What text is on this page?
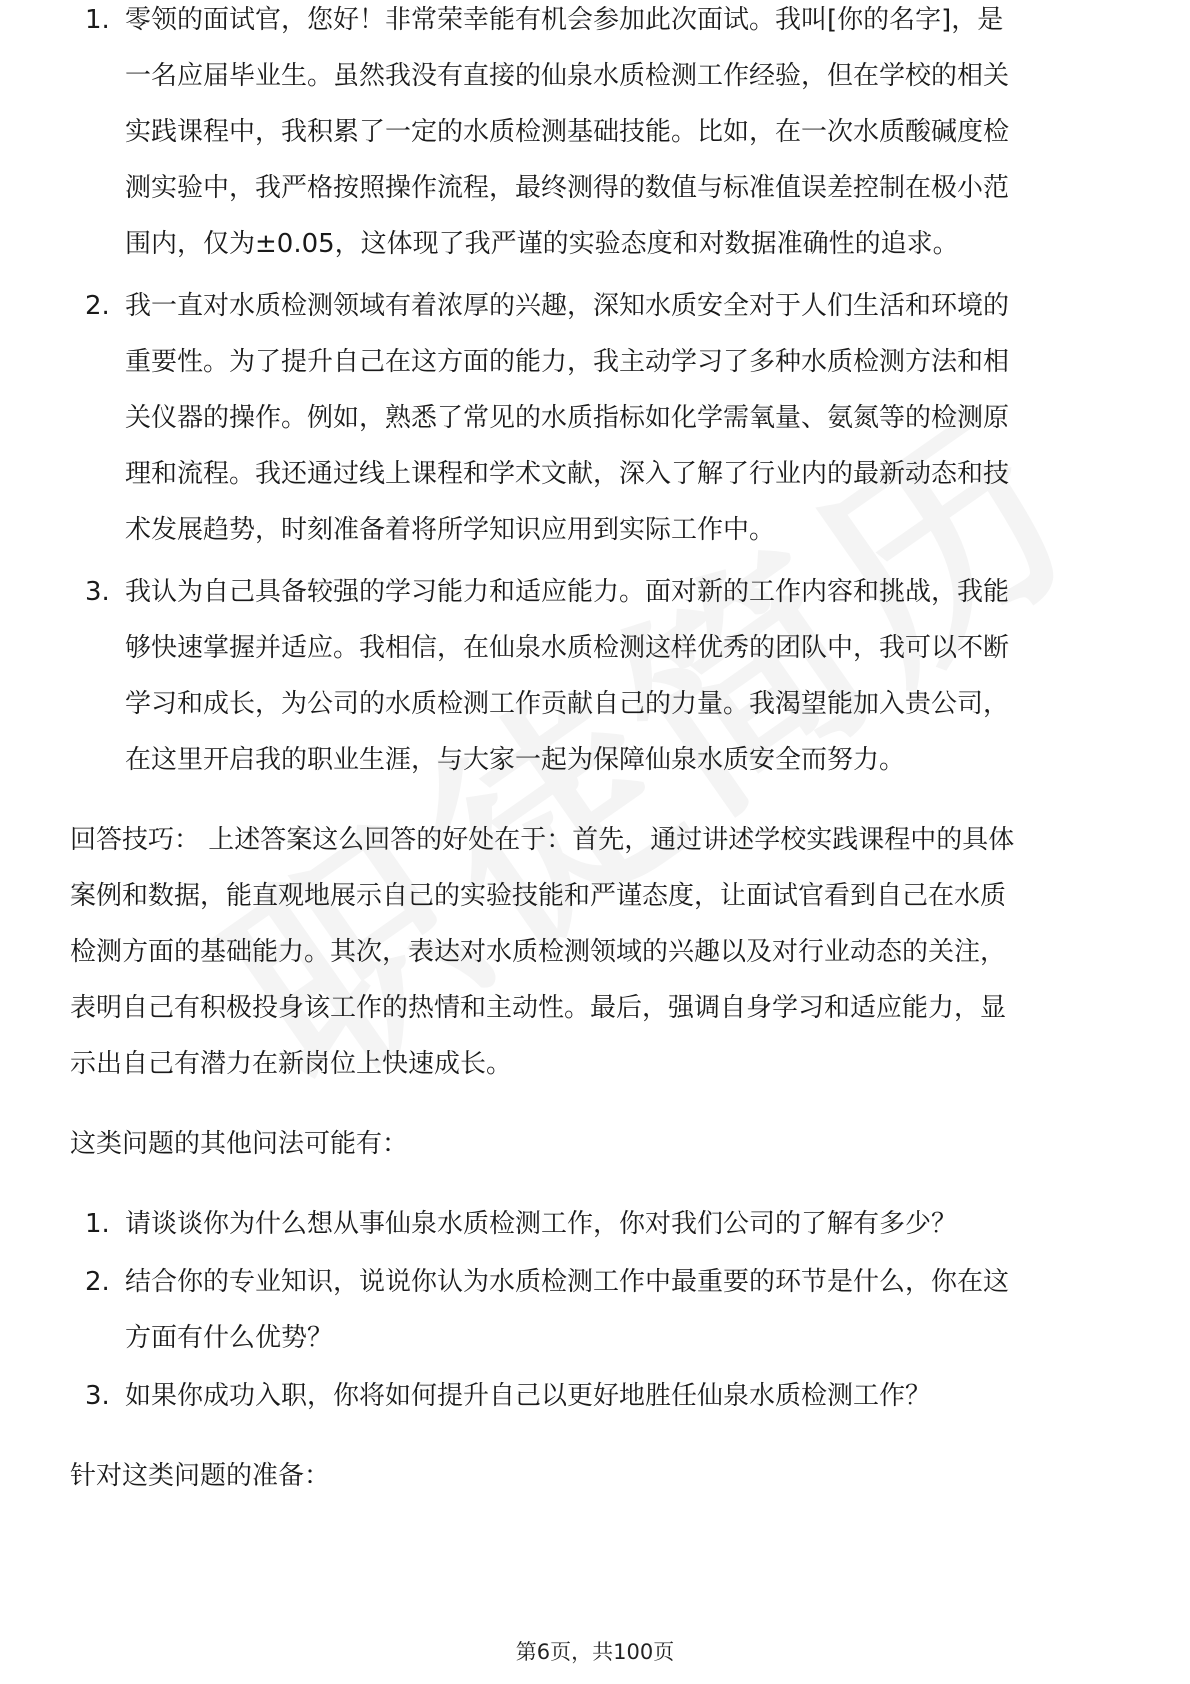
1. 零领的面试官，您好！非常荣幸能有机会参加此次面试。我叫[你的名字]，是
一名应届毕业生。虽然我没有直接的仙泉水质检测工作经验，但在学校的相关
实践课程中，我积累了一定的水质检测基础技能。比如，在一次水质酸碱度检
测实验中，我严格按照操作流程，最终测得的数值与标准值误差控制在极小范
围内，仅为±0.05，这体现了我严谨的实验态度和对数据准确性的追求。
2. 我一直对水质检测领域有着浓厚的兴趣，深知水质安全对于人们生活和环境的
重要性。为了提升自己在这方面的能力，我主动学习了多种水质检测方法和相
关仪器的操作。例如，熟悉了常见的水质指标如化学需氧量、氨氮等的检测原
理和流程。我还通过线上课程和学术文献，深入了解了行业内的最新动态和技
术发展趋势，时刻准备着将所学知识应用到实际工作中。
3. 我认为自己具备较强的学习能力和适应能力。面对新的工作内容和挑战，我能
够快速掌握并适应。我相信，在仙泉水质检测这样优秀的团队中，我可以不断
学习和成长，为公司的水质检测工作贡献自己的力量。我渴望能加入贵公司，
在这里开启我的职业生涯，与大家一起为保障仙泉水质安全而努力。

回答技巧： 上述答案这么回答的好处在于：首先，通过讲述学校实践课程中的具体

案例和数据，能直观地展示自己的实验技能和严谨态度，让面试官看到自己在水质

检测方面的基础能力。其次，表达对水质检测领域的兴趣以及对行业动态的关注，

表明自己有积极投身该工作的热情和主动性。最后，强调自身学习和适应能力，显

示出自己有潜力在新岗位上快速成长。

这类问题的其他问法可能有：

1. 请谈谈你为什么想从事仙泉水质检测工作，你对我们公司的了解有多少？
2. 结合你的专业知识，说说你认为水质检测工作中最重要的环节是什么，你在这
方面有什么优势？
3. 如果你成功入职，你将如何提升自己以更好地胜任仙泉水质检测工作？

针对这类问题的准备：

第6页，共100页
